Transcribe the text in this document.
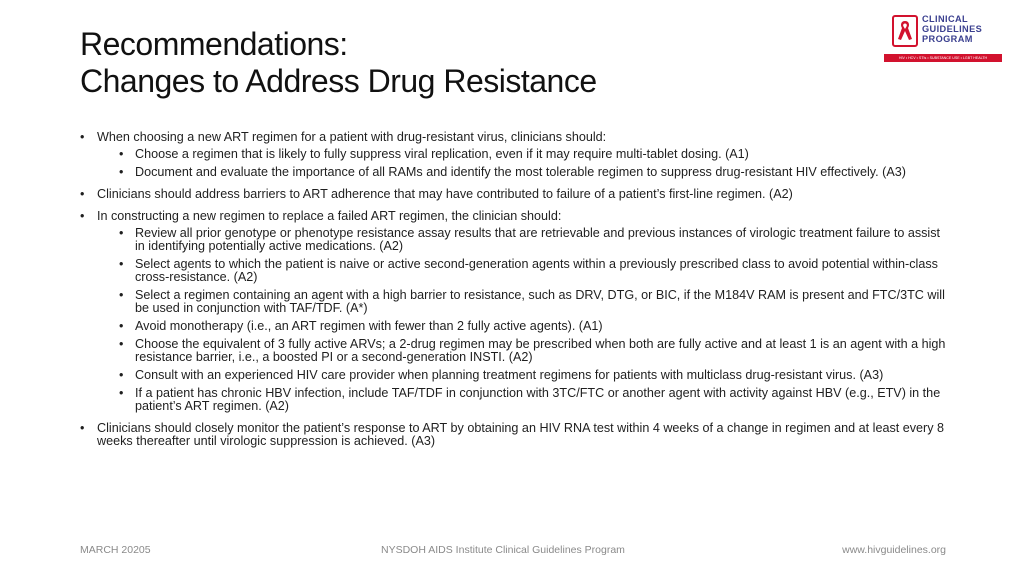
Recommendations:
Changes to Address Drug Resistance
CLINICAL
GUIDELINES
PROGRAM
HIV • HCV • STIs • SUBSTANCE USE • LGBT HEALTH
• When choosing a new ART regimen for a patient with drug-resistant virus, clinicians should:
• Choose a regimen that is likely to fully suppress viral replication, even if it may require multi-tablet dosing. (A1)
• Document and evaluate the importance of all RAMs and identify the most tolerable regimen to suppress drug-resistant HIV effectively. (A3)
• Clinicians should address barriers to ART adherence that may have contributed to failure of a patient’s first-line regimen. (A2)
• In constructing a new regimen to replace a failed ART regimen, the clinician should:
• Review all prior genotype or phenotype resistance assay results that are retrievable and previous instances of virologic treatment failure to assist in identifying potentially active medications. (A2)
• Select agents to which the patient is naive or active second-generation agents within a previously prescribed class to avoid potential within-class cross-resistance. (A2)
• Select a regimen containing an agent with a high barrier to resistance, such as DRV, DTG, or BIC, if the M184V RAM is present and FTC/3TC will be used in conjunction with TAF/TDF. (A*)
• Avoid monotherapy (i.e., an ART regimen with fewer than 2 fully active agents). (A1)
• Choose the equivalent of 3 fully active ARVs; a 2-drug regimen may be prescribed when both are fully active and at least 1 is an agent with a high resistance barrier, i.e., a boosted PI or a second-generation INSTI. (A2)
• Consult with an experienced HIV care provider when planning treatment regimens for patients with multiclass drug-resistant virus. (A3)
• If a patient has chronic HBV infection, include TAF/TDF in conjunction with 3TC/FTC or another agent with activity against HBV (e.g., ETV) in the patient’s ART regimen. (A2)
• Clinicians should closely monitor the patient’s response to ART by obtaining an HIV RNA test within 4 weeks of a change in regimen and at least every 8 weeks thereafter until virologic suppression is achieved. (A3)
MARCH 20205	NYSDOH AIDS Institute Clinical Guidelines Program	www.hivguidelines.org
